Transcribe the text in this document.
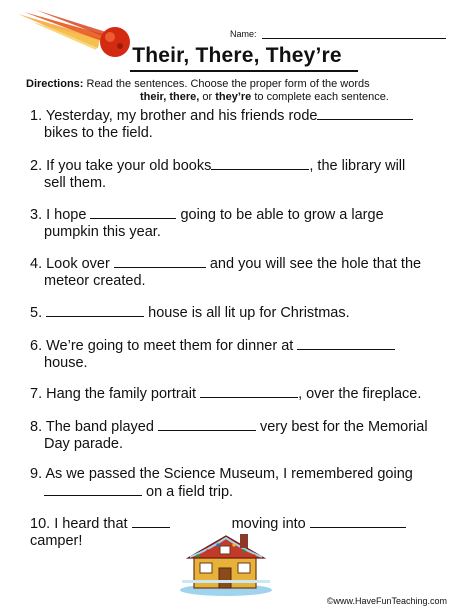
Name:
Their, There, They’re
Directions: Read the sentences. Choose the proper form of the words
their, there, or they’re to complete each sentence.
1. Yesterday, my brother and his friends rode
bikes to the field.
2. If you take your old books	, the library will
sell them.
3. I hope	going to be able to grow a large
pumpkin this year.
4. Look over	and you will see the hole that the
meteor created.
5.	house is all lit up for Christmas.
6. We’re going to meet them for dinner at
house.
7. Hang the family portrait	, over the fireplace.
8. The band played	very best for the Memorial
Day parade.
9. As we passed the Science Museum, I remembered going
on a field trip.
10. I heard that	moving into
camper!
©www.HaveFunTeaching.com
